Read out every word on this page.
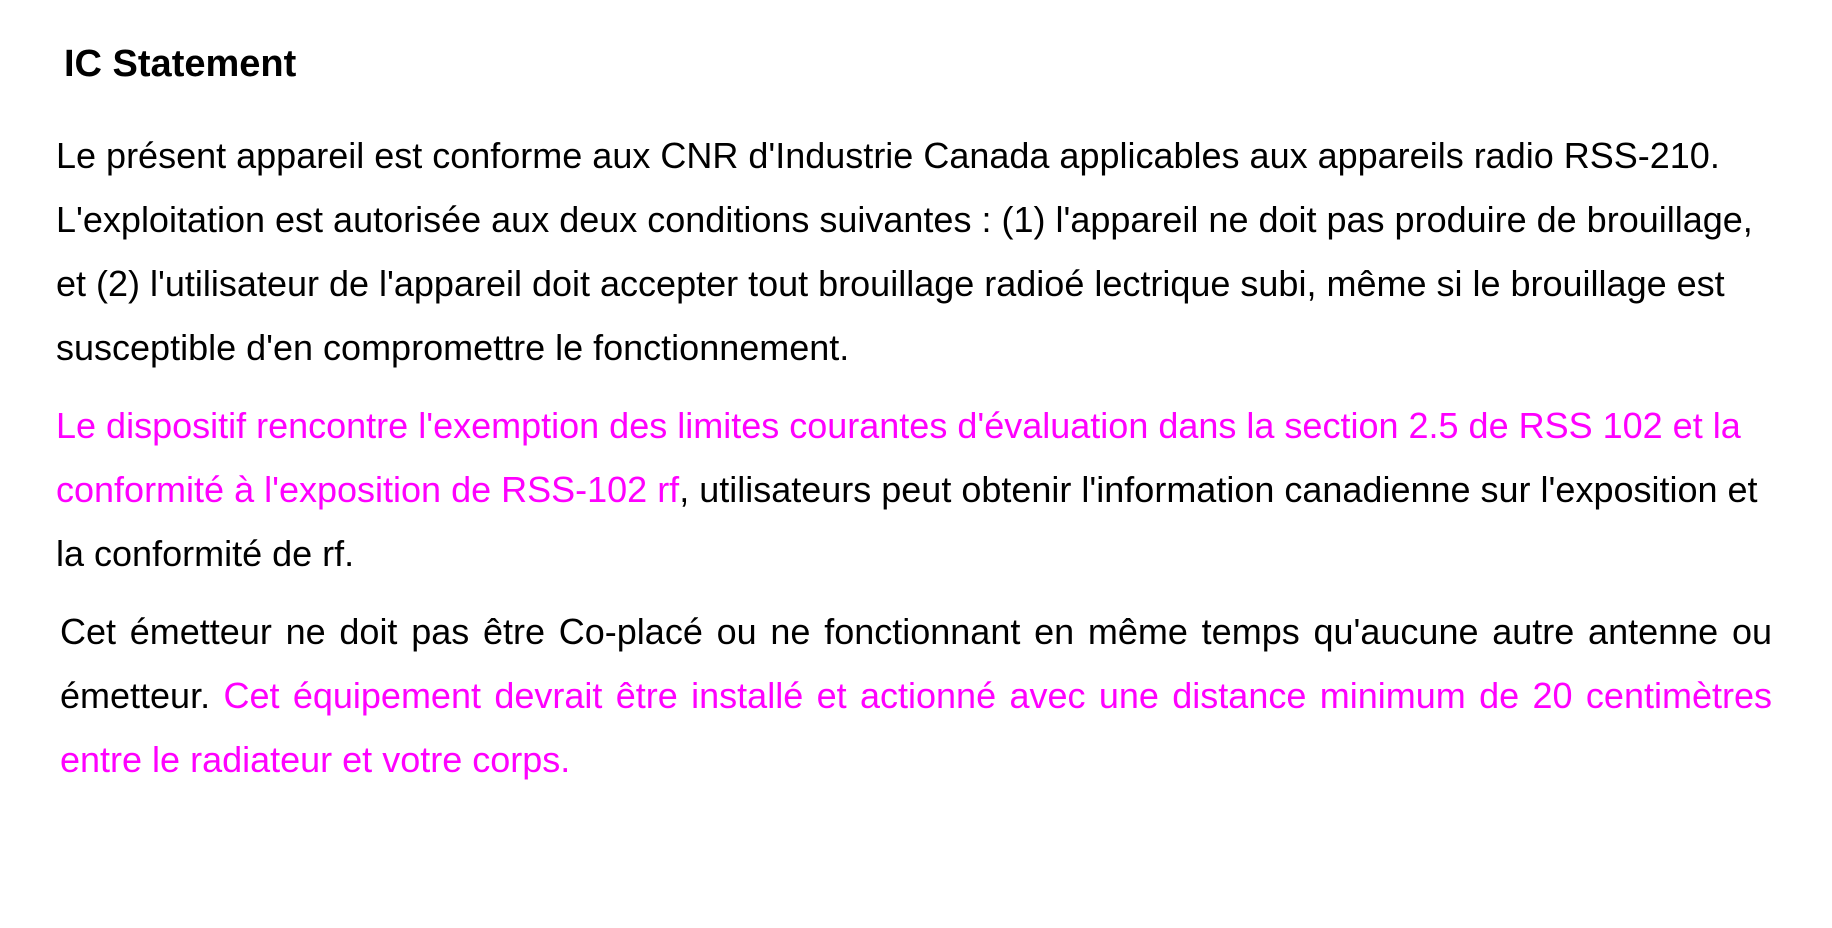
IC Statement

Le présent appareil est conforme aux CNR d'Industrie Canada applicables aux appareils radio RSS-210. L'exploitation est autorisée aux deux conditions suivantes : (1) l'appareil ne doit pas produire de brouillage, et (2) l'utilisateur de l'appareil doit accepter tout brouillage radioé lectrique subi, même si le brouillage est susceptible d'en compromettre le fonctionnement.

Le dispositif rencontre l'exemption des limites courantes d'évaluation dans la section 2.5 de RSS 102 et la conformité à l'exposition de RSS-102 rf, utilisateurs peut obtenir l'information canadienne sur l'exposition et la conformité de rf.

Cet émetteur ne doit pas être Co-placé ou ne fonctionnant en même temps qu'aucune autre antenne ou émetteur. Cet équipement devrait être installé et actionné avec une distance minimum de 20 centimètres entre le radiateur et votre corps.
